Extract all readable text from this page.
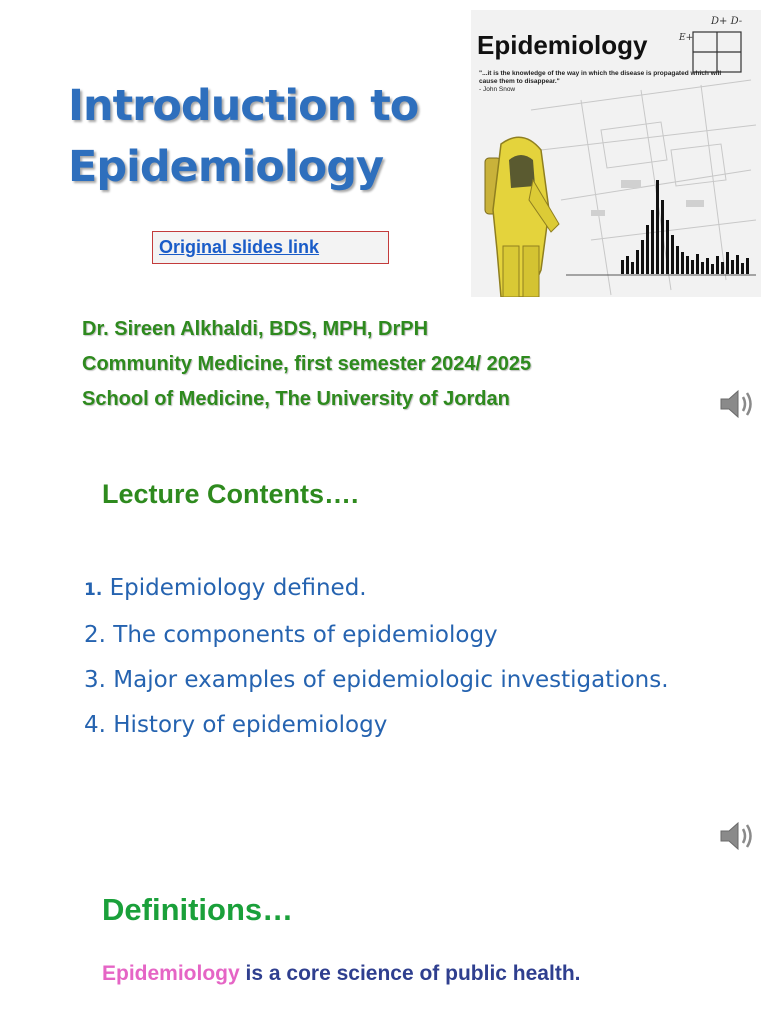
Introduction to
Epidemiology
Original slides link
Epidemiology
D+ D-
E+
"...it is the knowledge of the way in which the disease is propagated which will cause them to disappear."
- John Snow
Dr. Sireen Alkhaldi, BDS, MPH, DrPH
Community Medicine, first semester 2024/ 2025
School of Medicine, The University of Jordan
Lecture Contents….
1. Epidemiology defined.
2. The components of epidemiology
3. Major examples of epidemiologic investigations.
4. History of epidemiology
Definitions…
Epidemiology is a core science of public health.
